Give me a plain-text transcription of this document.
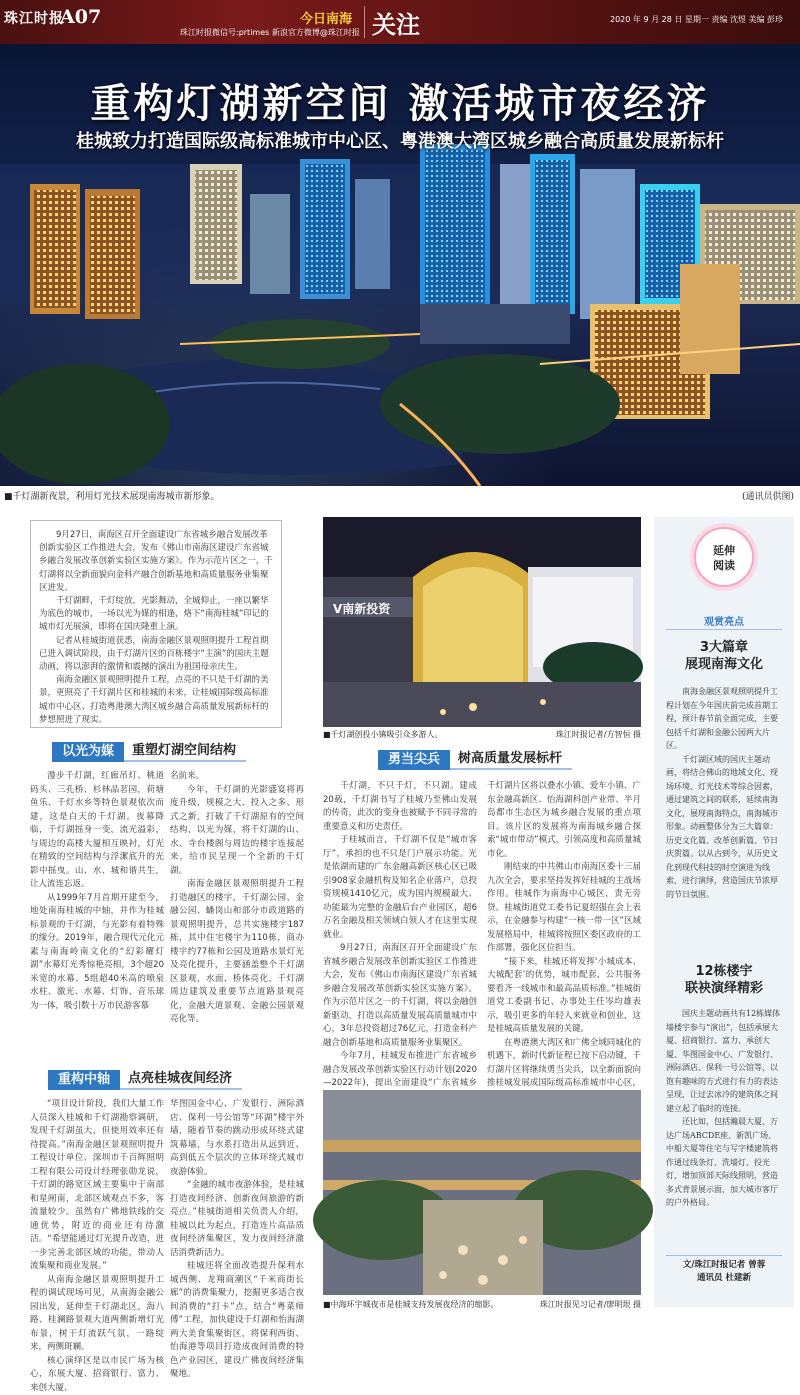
珠江时报
A07	今日南海
珠江时报微信号:prtimes 新浪官方微博@珠江时报 关注	2020 年 9 月 28 日 星期一 责编 沈煜 美编 彭珍
重构灯湖新空间 激活城市夜经济
桂城致力打造国际级高标准城市中心区、粤港澳大湾区城乡融合高质量发展新标杆
■千灯湖新夜景，利用灯光技术展现南海城市新形象。	(通讯员供图)

9月27日，南海区召开全面建设广东省城乡融合发展改革创新实验区工作推进大会，发布《佛山市南海区建设广东省城乡融合发展改革创新实验区实施方案》。作为示范片区之一，千灯湖将以全新面貌向金科产融合创新基地和高质量服务业集聚区进发。

千灯湖畔，千灯绽放，光影舞动，全城仰止，一座以繁华为底色的城市，一场以光为媒的相逢，烙下“南海桂城”印记的城市灯光展演，即将在国庆隆重上演。

记者从桂城街道获悉，南海金融区景观照明提升工程首期已进入调试阶段，由千灯湖片区的百栋楼宇“主演”的国庆主题动画，将以澎湃的激情和震撼的演出为祖国母亲庆生。

南海金融区景观照明提升工程，点亮的不只是千灯湖的美景，更照亮了千灯湖片区和桂城的未来，让桂城国际级高标准城市中心区、打造粤港澳大湾区城乡融合高质量发展新标杆的梦想照进了现实。

V南新投资
■千灯湖创投小镇吸引众多游人。	珠江时报记者/方智恒 摄
以光为媒	重塑灯湖空间结构

漫步千灯湖，红廊吊灯、桃道码头、三孔桥、杉林品茗园，荷塘鱼乐、千灯水乡等特色景观依次而建，这是白天的千灯湖。夜幕降临，千灯湖摇身一变，流光溢彩，与周边的高楼大厦相互映衬，灯光在精致的空间结构与浮潔底升的光影中摇曳。山、水、城和谐共生，让人流连忘返。

从1999年7月首期开建至今，地处南海桂城的中轴，并作为桂城标景观的千灯湖，与光影有着特殊的缘分。2019年，融合现代元化元素与南海岭南文化的“幻彩耀灯湖”水幕灯光秀惊艳亮相，3个超20米宽的水幕、5组超40米高的喷泉水柱、激光、水幕、灯饰、音乐球为一体，吸引数十万市民游客慕

名前来。

今年，千灯湖的光影盛宴将再度升级，规模之大、投入之多、形式之新，打破了千灯湖原有的空间结构，以光为媒，将千灯湖的山、水、寺台楼阁与周边的楼宇连接起来，给市民呈现一个全新的千灯湖。

南海金融区景观照明提升工程打造融区的楼宇，千灯湖公园、金融公园、蟠岗山和部分市政道路的景观照明提升，总共实施楼宇187栋，其中住宅楼宇为110栋，商办楼宇约77栋和公园及道路水景灯光及亮化提升，主要涵盖整个千灯湖区景观，水面、桥体亮化，千灯湖周边建筑及重要节点道路景观亮化，金融大道景观、金融公园景观亮化等。

勇当尖兵	树高质量发展标杆

千灯湖，不只千灯，不只湖。建成20载，千灯湖书写了桂城乃至佛山发展的传奇，此次的变身也被赋予不同寻常的重要意义和历史责任。

于桂城而言，千灯湖不仅是“城市客厅”，承担的也不只是门户展示功能。光是依湖而建的广东金融高新区核心区已吸引908家金融机构及知名企业落户，总投资规模1410亿元，成为国内规模最大、功能最为完整的金融后台产业园区，超6万名金融及相关领域白领人才在这里实现就业。

9月27日，南海区召开全面建设广东省城乡融合发展改革创新实验区工作推进大会，发布《佛山市南海区建设广东省城乡融合发展改革创新实验区实施方案》。作为示范片区之一的千灯湖，将以金融创新驱动，打造以高质量发展高质量城市中心，3年总投资超过76亿元，打造金科产融合创新基地和高质量服务业集聚区。

今年7月，桂城发布推进广东省城乡融合发展改革创新实验区行动计划(2020—2022年)，提出全面建设“广东省城乡

千灯湖片区将以叠水小镇、爱车小镇、广东金融高新区、怡海湖科创产业带、半月岛都市生态区为城乡融合发展的重点项目。该片区的发展将为南海城乡融合探索“城市带动”模式，引领高度和高质量城市化。

刚结束的中共佛山市南海区委十三届九次全会，要求坚持发挥好桂城的主战场作用。桂城作为南海中心城区，责无旁贷。桂城街道党工委书记夏绍强在会上表示，在金融参与构建“一核一带一区”区域发展格局中，桂城将按照区委区政府的工作部署，强化区位担当。

“接下来，桂城还将发挥‘小城成本、大城配套’的优势，城市配套，公共服务要看齐一线城市和最高品质标准。”桂城街道党工委副书记、办事处主任岑均雄表示，吸引更多的年轻人来就业和创业，这是桂城高质量发展的关键。

在粤港澳大湾区和广佛全域同城化的机遇下，新时代新征程已按下启动键，千灯湖片区将继续勇当尖兵，以全新面貌向推桂城发展成国际级高标准城市中心区，

重构中轴	点亮桂城夜间经济

“项目设计阶段，我们大量工作人员深入桂城和千灯湖勘察调研，发现千灯湖虽大，但使用效率还有待提高。”南海金融区景观照明提升工程设计单位、深圳市千百辉照明工程有限公司设计经理张勋龙说，千灯湖的路宽区域主要集中于南部和星闸南，北部区域观点不多，客流量较少。虽然有广佛地铁线的交通优势，附近的商业还有待激活。“希望能通过灯光提升改造，进一步完善北部区域的功能，带动人流集聚和商业发展。”

从南海金融区景观照明提升工程的调试现场可见，从南海金融公园出发，延伸至千灯湖北区，海八路、桂澜路景观大道两侧新增灯光布景，树干灯流跃气氛，一路绽来，两侧斑斓。

核心演绎区是以市民广场为核心，东展大厦、招商银行、富力、来创大厦、

华图国金中心、广发银行、洲际酒店、保利一号公馆等“环湖”楼宇外墙，随着节奏的跳动形成环绕式建筑幕墙，与水系打造出从远到近、高到低五个层次的立体环绕式城市夜游体验。

“金融的城市夜游体验，是桂城打造夜间经济、创新夜间旅游的新亮点。”桂城街道相关负责人介绍，桂城以此为起点，打造连片高品质夜间经济集聚区，发力夜间经济激活消费新活力。

桂城还将全面改造提升保利水城西侧、龙翔商潮区“千米商街长廊”的消费集聚力，挖掘更多适合夜间消费的“打卡”点，结合“粤菜师傅”工程，加快建设千灯湖和怡海湖两大美食集聚街区，将保利西街、怡海港等项目打造成夜间消费的特色产业园区，建设广佛夜间经济集聚地。

■中海环宇城夜市是桂城支持发展夜经济的缩影。	珠江时报见习记者/廖明垠 摄
延伸
阅读
观赏亮点
3大篇章
展现南海文化

南海金融区景观照明提升工程计划在今年国庆前完成首期工程，预计春节前全面完成，主要包括千灯湖和金融公园两大片区。

千灯湖区域的国庆主题动画，将结合佛山的地域文化、现场环境、灯光技术等综合因素，通过建筑之间的联系，延续南海文化，展现南海特点，南海城市形象。动画整体分为三大篇章：历史文化篇、改革创新篇、节日庆贺篇。以从古到今，从历史文化到现代科技的时空演进为线索，进行演绎，营造国庆节浓厚的节日氛围。

12栋楼宇
联袂演绎精彩

国庆主题动画共有12栋媒体墙楼宇参与“演出”，包括承展大厦、招商银行、富力、承创大厦、华图国金中心、广发银行、洲际酒店、保利一号公馆等，以饱有趣味的方式进行有力的表达呈现，让过去冰冷的建筑体之间建立起了临时的连接。

还比如，包括瀚晨大厦、万达广场ABCDE座、新凯广场、中船大厦等住宅与写字楼建筑将作通过线条灯、洗墙灯、投光灯，增加顶部天际线照明，营造多式背景展示面，加大城市客厅的户外格局。

文/珠江时报记者 曾蓉
通讯员 杜建新
